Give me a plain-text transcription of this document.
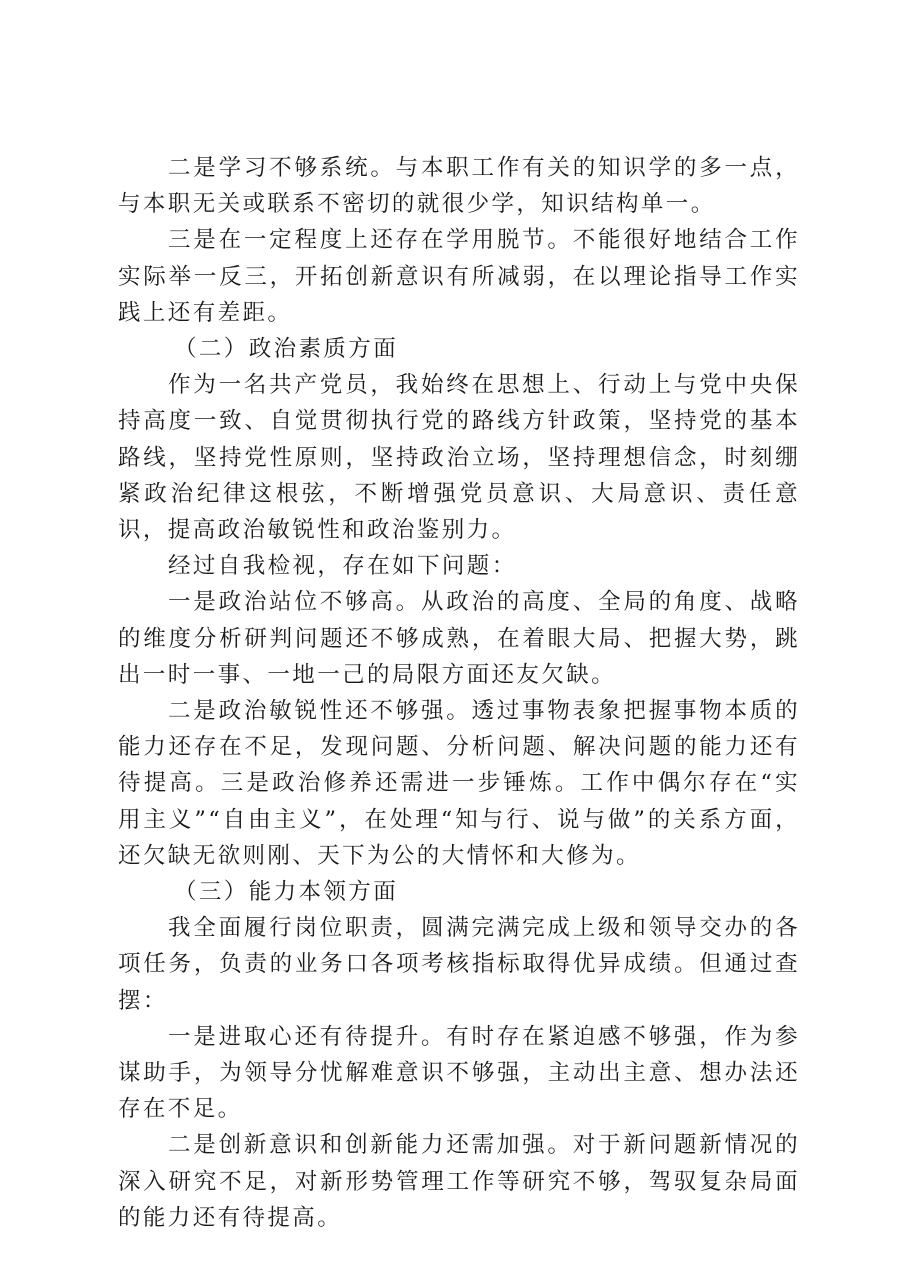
二是学习不够系统。与本职工作有关的知识学的多一点，与本职无关或联系不密切的就很少学，知识结构单一。

三是在一定程度上还存在学用脱节。不能很好地结合工作实际举一反三，开拓创新意识有所减弱，在以理论指导工作实践上还有差距。

（二）政治素质方面

作为一名共产党员，我始终在思想上、行动上与党中央保持高度一致、自觉贯彻执行党的路线方针政策，坚持党的基本路线，坚持党性原则，坚持政治立场，坚持理想信念，时刻绷紧政治纪律这根弦，不断增强党员意识、大局意识、责任意识，提高政治敏锐性和政治鉴别力。

经过自我检视，存在如下问题：

一是政治站位不够高。从政治的高度、全局的角度、战略的维度分析研判问题还不够成熟，在着眼大局、把握大势，跳出一时一事、一地一己的局限方面还友欠缺。

二是政治敏锐性还不够强。透过事物表象把握事物本质的能力还存在不足，发现问题、分析问题、解决问题的能力还有待提高。三是政治修养还需进一步锤炼。工作中偶尔存在“实用主义”“自由主义”，在处理“知与行、说与做”的关系方面，还欠缺无欲则刚、天下为公的大情怀和大修为。

（三）能力本领方面

我全面履行岗位职责，圆满完满完成上级和领导交办的各项任务，负责的业务口各项考核指标取得优异成绩。但通过查摆：

一是进取心还有待提升。有时存在紧迫感不够强，作为参谋助手，为领导分忧解难意识不够强，主动出主意、想办法还存在不足。

二是创新意识和创新能力还需加强。对于新问题新情况的深入研究不足，对新形势管理工作等研究不够，驾驭复杂局面的能力还有待提高。
